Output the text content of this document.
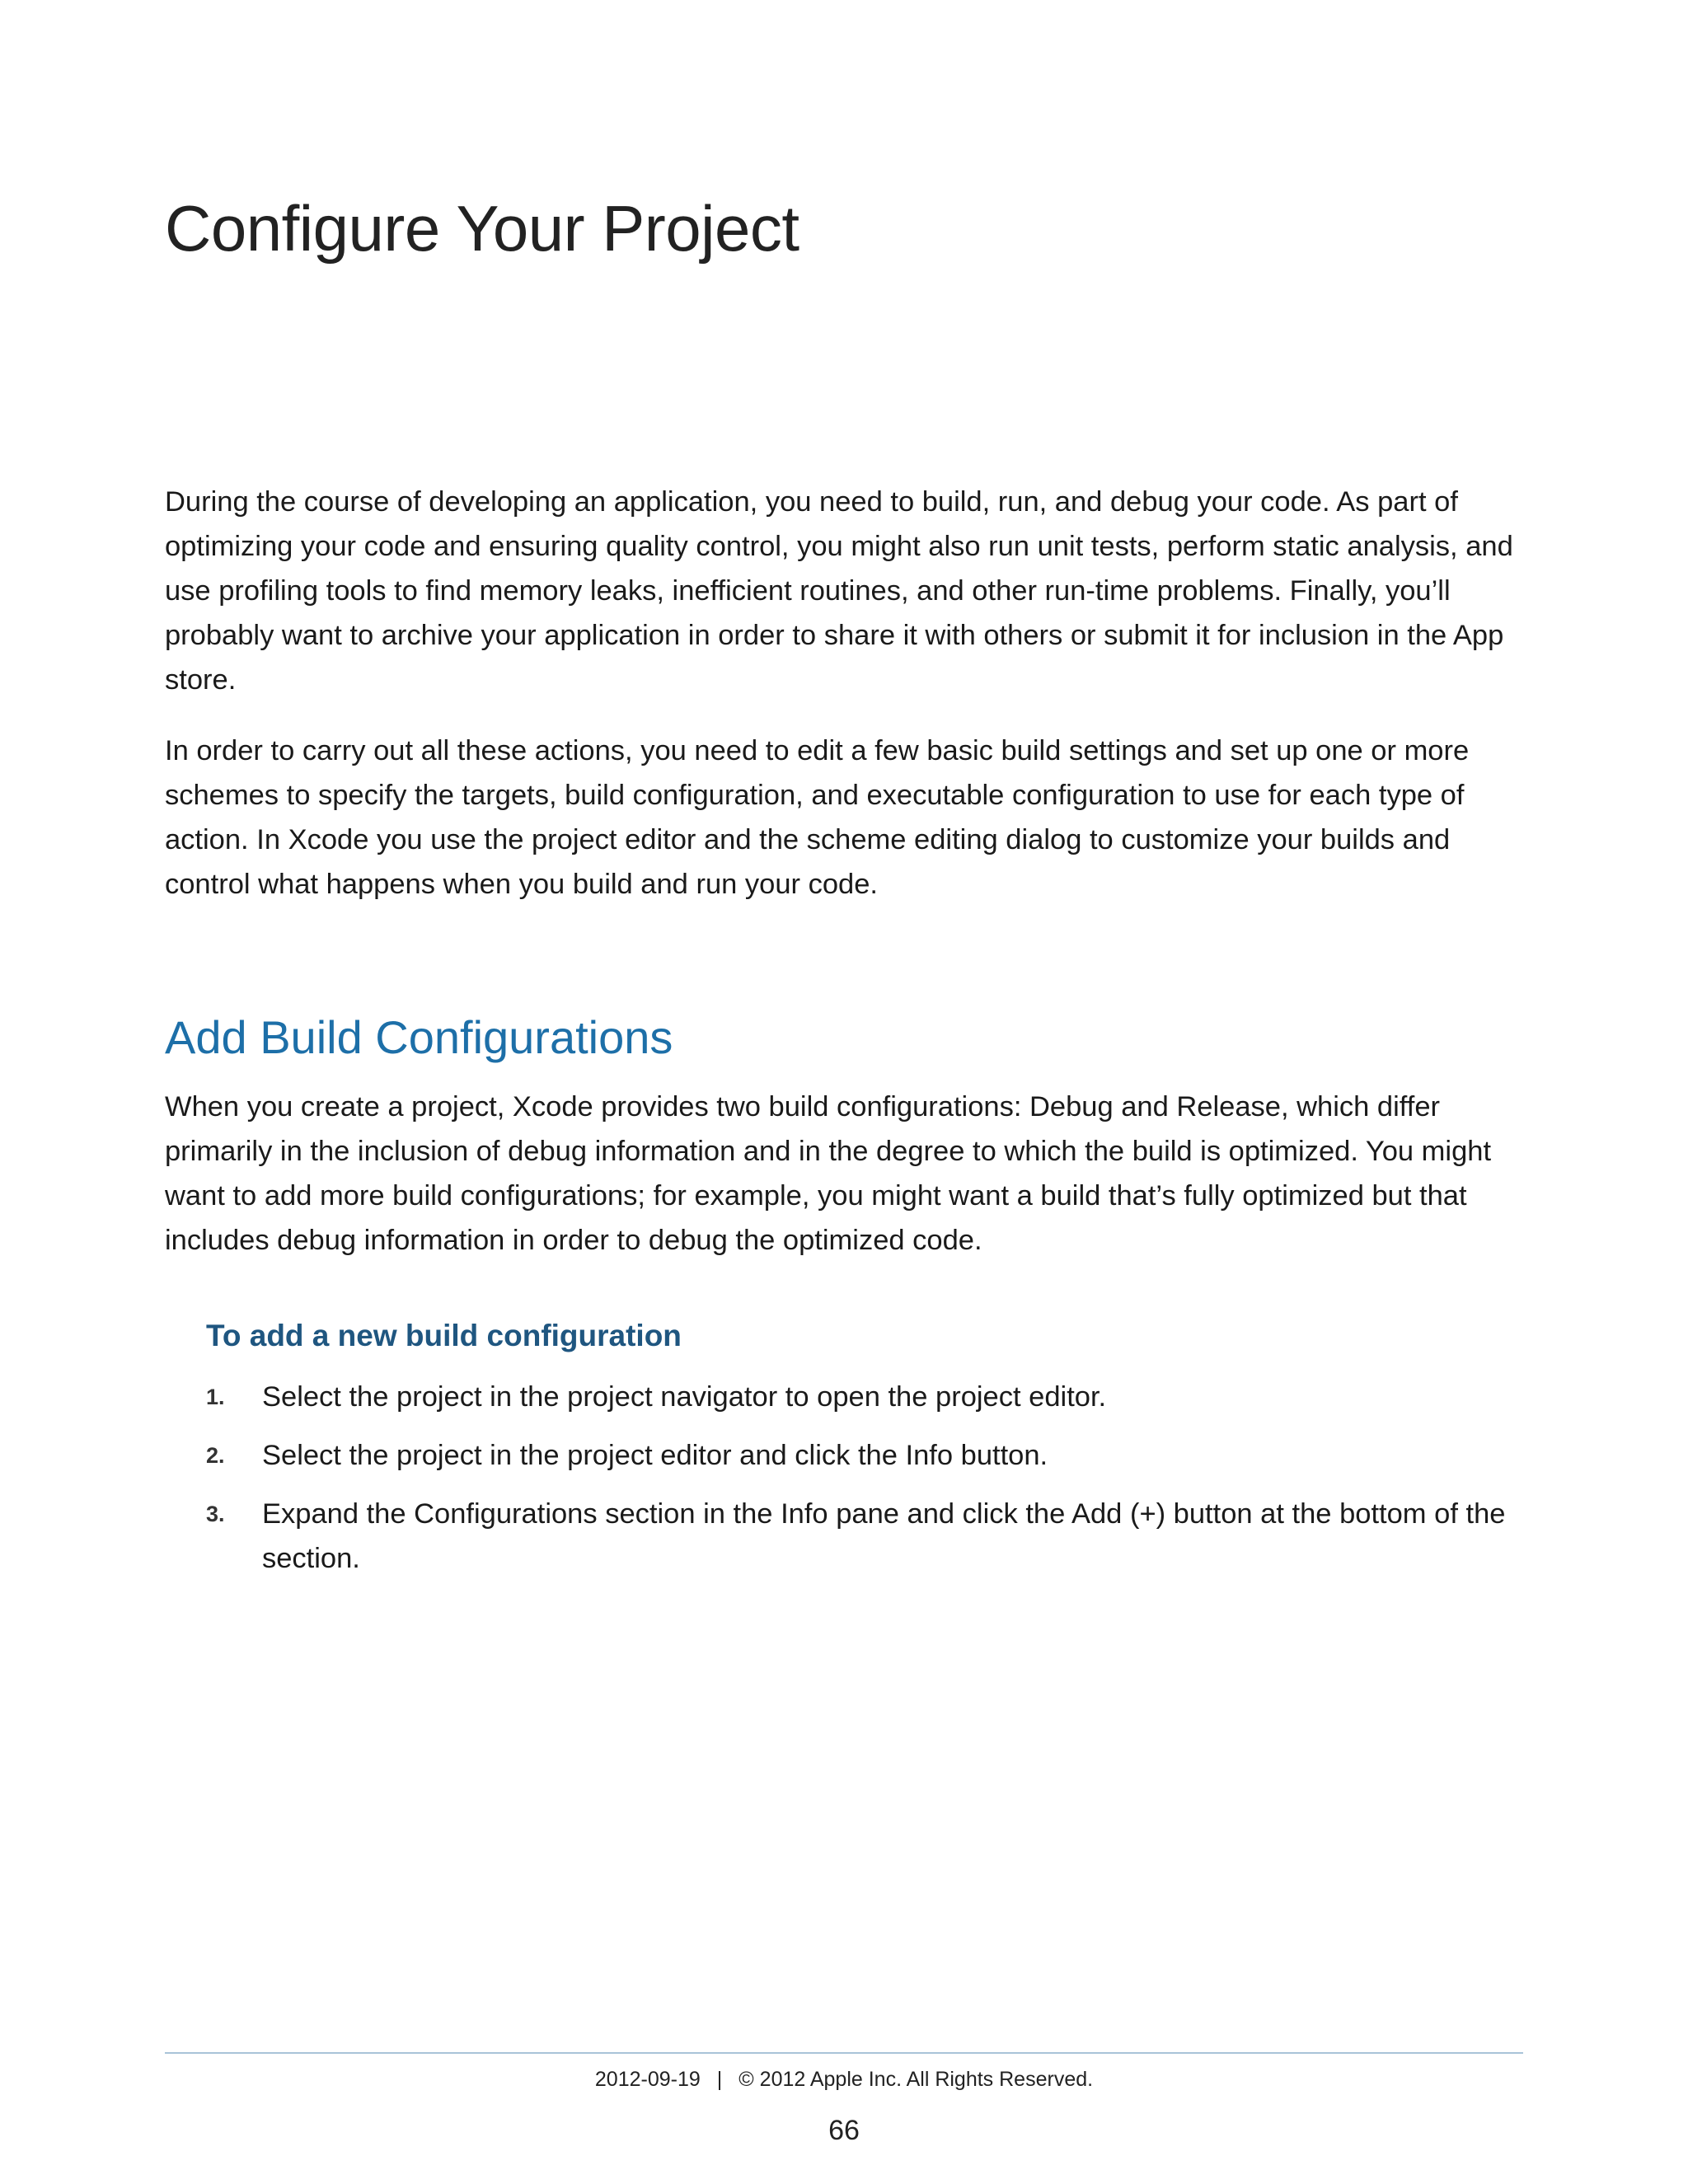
Configure Your Project

During the course of developing an application, you need to build, run, and debug your code. As part of optimizing your code and ensuring quality control, you might also run unit tests, perform static analysis, and use profiling tools to find memory leaks, inefficient routines, and other run-time problems. Finally, you’ll probably want to archive your application in order to share it with others or submit it for inclusion in the App store.

In order to carry out all these actions, you need to edit a few basic build settings and set up one or more schemes to specify the targets, build configuration, and executable configuration to use for each type of action. In Xcode you use the project editor and the scheme editing dialog to customize your builds and control what happens when you build and run your code.

Add Build Configurations

When you create a project, Xcode provides two build configurations: Debug and Release, which differ primarily in the inclusion of debug information and in the degree to which the build is optimized. You might want to add more build configurations; for example, you might want a build that’s fully optimized but that includes debug information in order to debug the optimized code.

To add a new build configuration
1. Select the project in the project navigator to open the project editor.
2. Select the project in the project editor and click the Info button.
3. Expand the Configurations section in the Info pane and click the Add (+) button at the bottom of the section.
2012-09-19 | © 2012 Apple Inc. All Rights Reserved.
66
